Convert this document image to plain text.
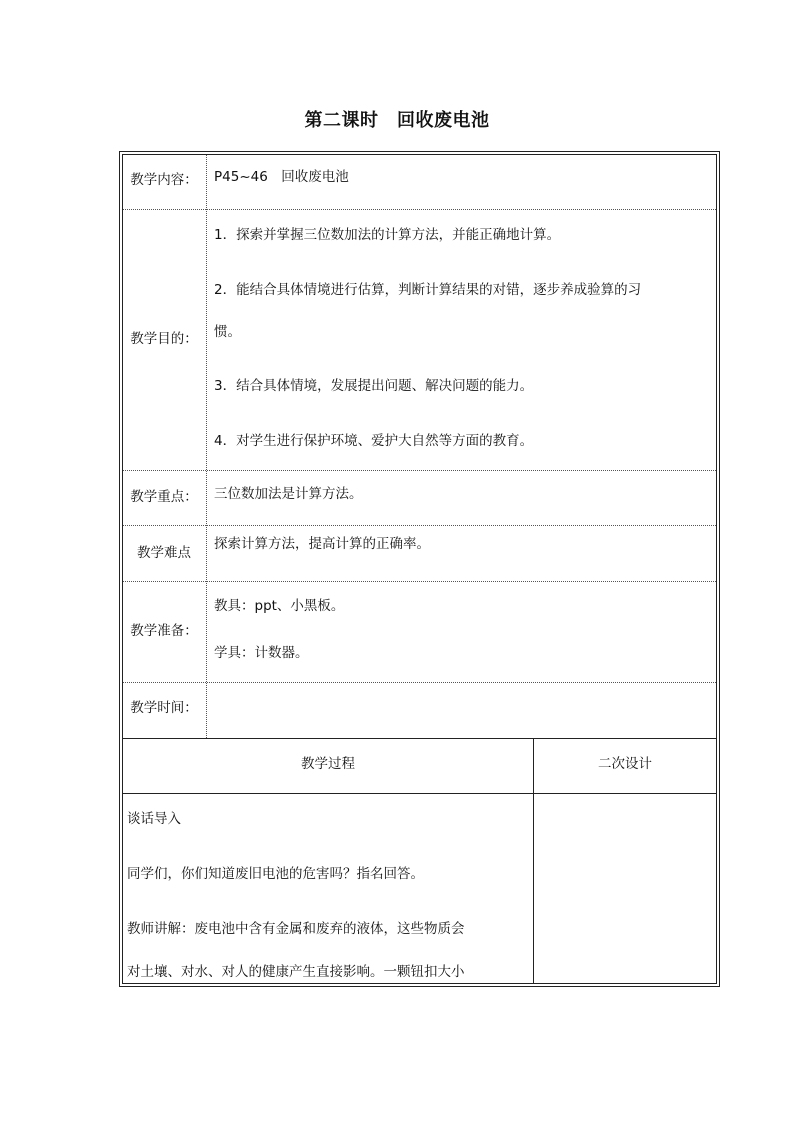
第二课时　回收废电池
教学内容：	P45~46　回收废电池
教学目的：
1．探索并掌握三位数加法的计算方法，并能正确地计算。
2．能结合具体情境进行估算，判断计算结果的对错，逐步养成验算的习
惯。
3．结合具体情境，发展提出问题、解决问题的能力。
4．对学生进行保护环境、爱护大自然等方面的教育。
教学重点：	三位数加法是计算方法。
教学难点
探索计算方法，提高计算的正确率。
教学准备：
教具：ppt、小黑板。
学具：计数器。
教学时间：
教学过程	二次设计
谈话导入
同学们，你们知道废旧电池的危害吗？指名回答。
教师讲解：废电池中含有金属和废弃的液体，这些物质会
对土壤、对水、对人的健康产生直接影响。一颗钮扣大小
